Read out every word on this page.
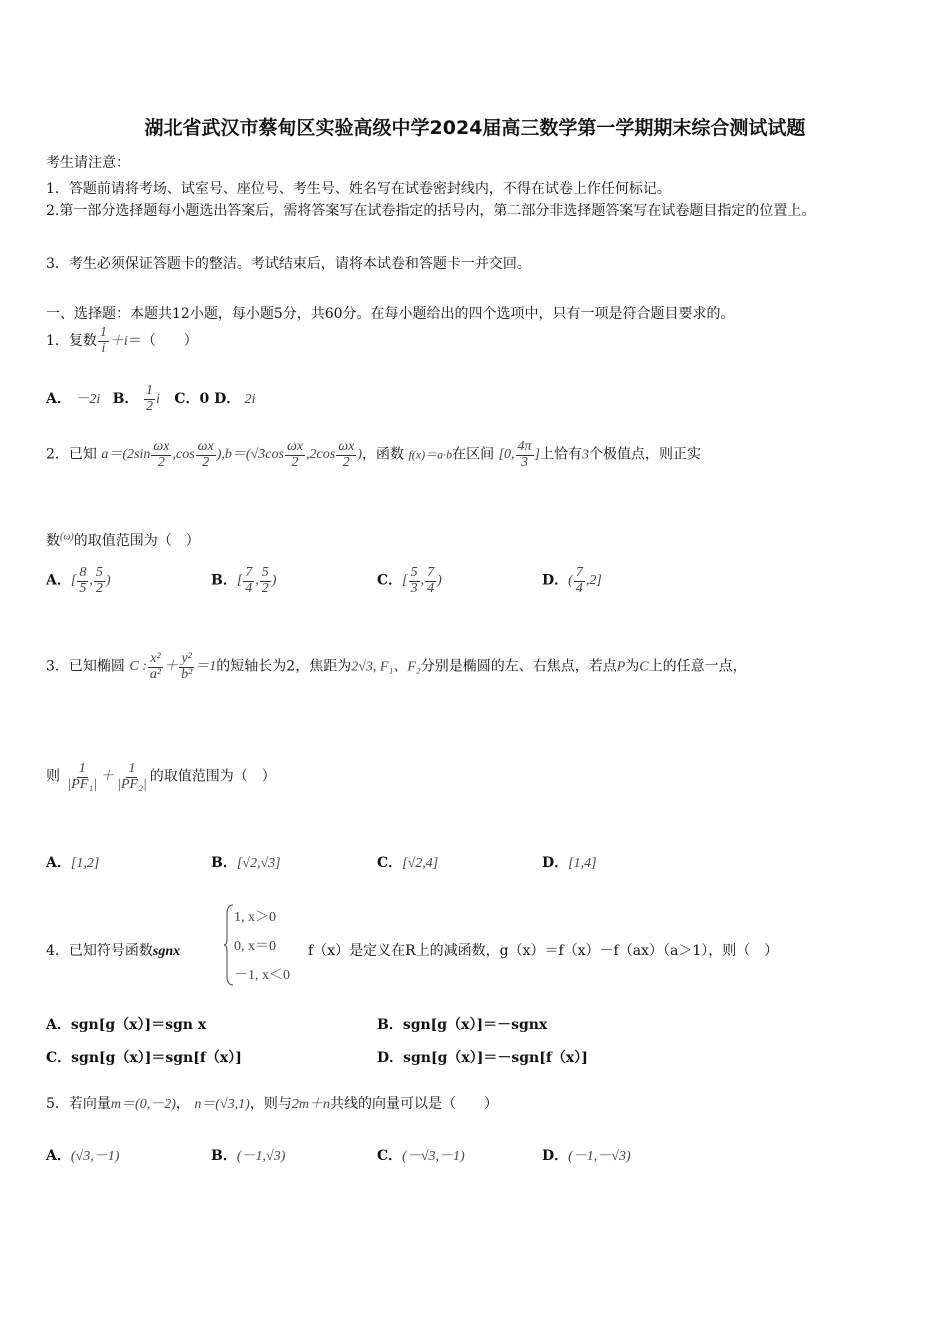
湖北省武汉市蔡甸区实验高级中学2024届高三数学第一学期期末综合测试试题
考生请注意：
1．答题前请将考场、试室号、座位号、考生号、姓名写在试卷密封线内，不得在试卷上作任何标记。
2.第一部分选择题每小题选出答案后，需将答案写在试卷指定的括号内，第二部分非选择题答案写在试卷题目指定的位置上。
3．考生必须保证答题卡的整洁。考试结束后，请将本试卷和答题卡一并交回。
一、选择题：本题共12小题，每小题5分，共60分。在每小题给出的四个选项中，只有一项是符合题目要求的。
1．复数 $\frac{1}{i} +i=$（　　）
A． －2i B． $\frac{1}{2}$ i C．0 D． 2i
2．已知 $a=(2\sin \frac{\omega x}{2} ,\cos \frac{\omega x}{2} ),b=(√3\cos \frac{\omega x}{2} ,2\cos \frac{\omega x}{2}$ )，函数 f(x)＝a·b在区间 [0, $\frac{4\pi}{3}$ ]上恰有3个极值点，则正实
数$^{(\omega)}$的取值范围为（　）
A．[ $\frac{8}{5}$ , $\frac{5}{2}$ )	B．[ $\frac{7}{4}$ , $\frac{5}{2}$ )	C．[ $\frac{5}{3}$ , $\frac{7}{4}$ )	D．( $\frac{7}{4} ,2$]
3．已知椭圆 C : $\frac{\text{x²}}{\text{a²}} + \frac{\text{y²}}{\text{b²}} =1$的短轴长为2，焦距为2√3, F₁、F₂分别是椭圆的左、右焦点，若点P为C上的任意一点，
则 $\frac{1}{\text{|PF₁|}} + \frac{1}{\text{|PF₂|}}$ 的取值范围为（　）
A．[1,2]	B．[√2,√3]	C．[√2,4]	D．[1,4]
4．已知符号函数sgnx
1, x＞0
0, x＝0
－1, x＜0
f（x）是定义在R上的减函数，g（x）＝f（x）－f（ax）（a＞1），则（　）
A．sgn[g（x）]＝sgn x	B．sgn[g（x）]＝－sgnx
C．sgn[g（x）]＝sgn[f（x）]	D．sgn[g（x）]＝－sgn[f（x）]
5．若向量m＝(0,－2)， n＝(√3,1)，则与2m＋n共线的向量可以是（　　）
A．(√3,－1)	B．(－1,√3)	C．(－√3,－1)	D．(－1,－√3)
